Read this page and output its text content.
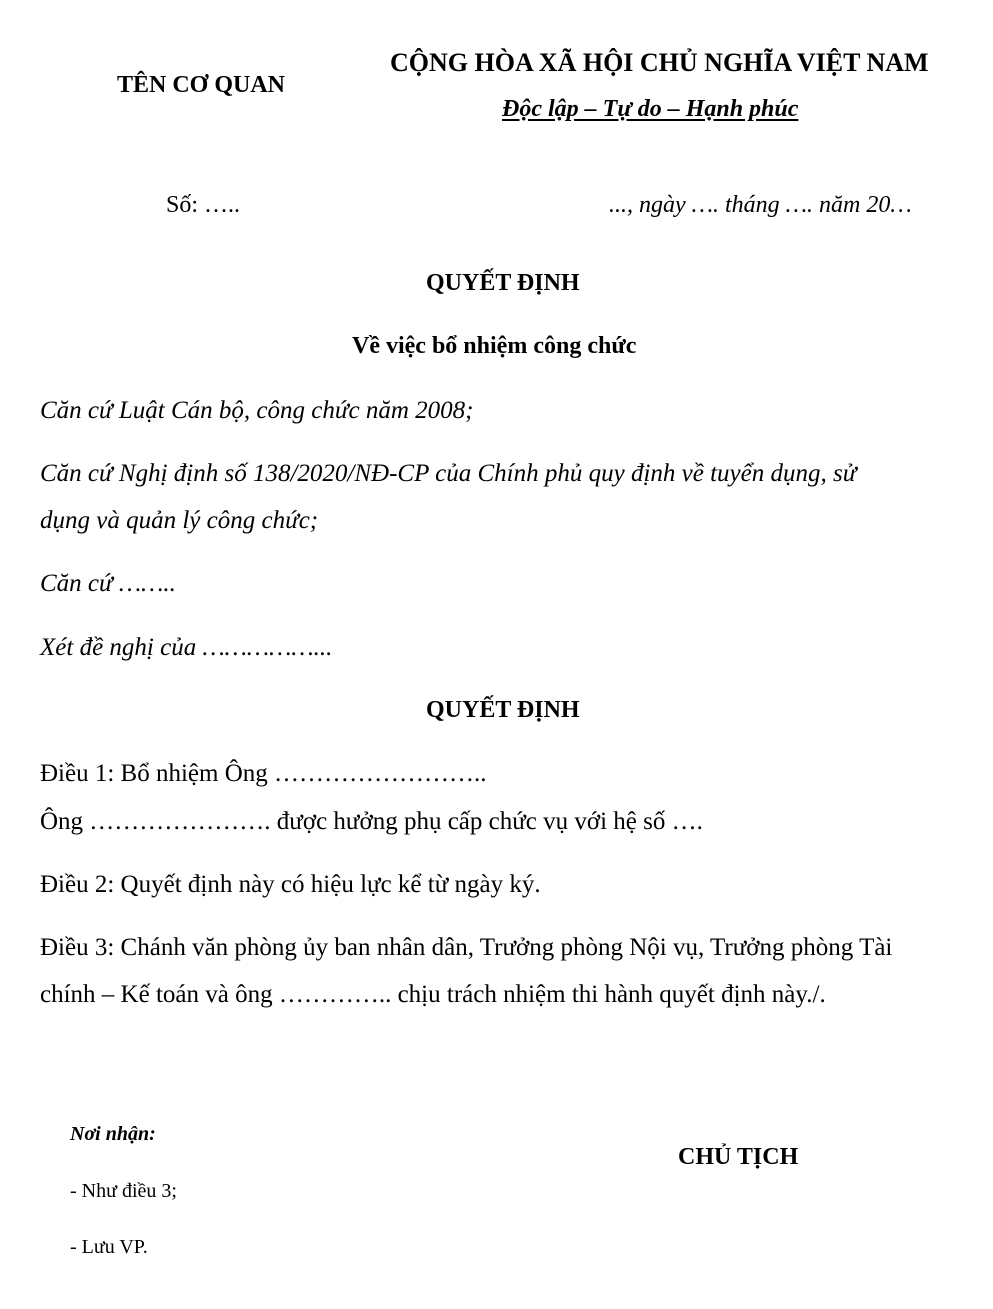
TÊN CƠ QUAN
CỘNG HÒA XÃ HỘI CHỦ NGHĨA VIỆT NAM
Độc lập – Tự do – Hạnh phúc
Số: …..	..., ngày …. tháng …. năm 20…
QUYẾT ĐỊNH
Về việc bổ nhiệm công chức
Căn cứ Luật Cán bộ, công chức năm 2008;
Căn cứ Nghị định số 138/2020/NĐ-CP của Chính phủ quy định về tuyển dụng, sử
dụng và quản lý công chức;
Căn cứ ……..
Xét đề nghị của ……………...
QUYẾT ĐỊNH
Điều 1: Bổ nhiệm Ông ……………………..
Ông …………………. được hưởng phụ cấp chức vụ với hệ số ….
Điều 2: Quyết định này có hiệu lực kể từ ngày ký.
Điều 3: Chánh văn phòng ủy ban nhân dân, Trưởng phòng Nội vụ, Trưởng phòng Tài
chính – Kế toán và ông ………….. chịu trách nhiệm thi hành quyết định này./.
Nơi nhận:
- Như điều 3;
- Lưu VP.
CHỦ TỊCH
